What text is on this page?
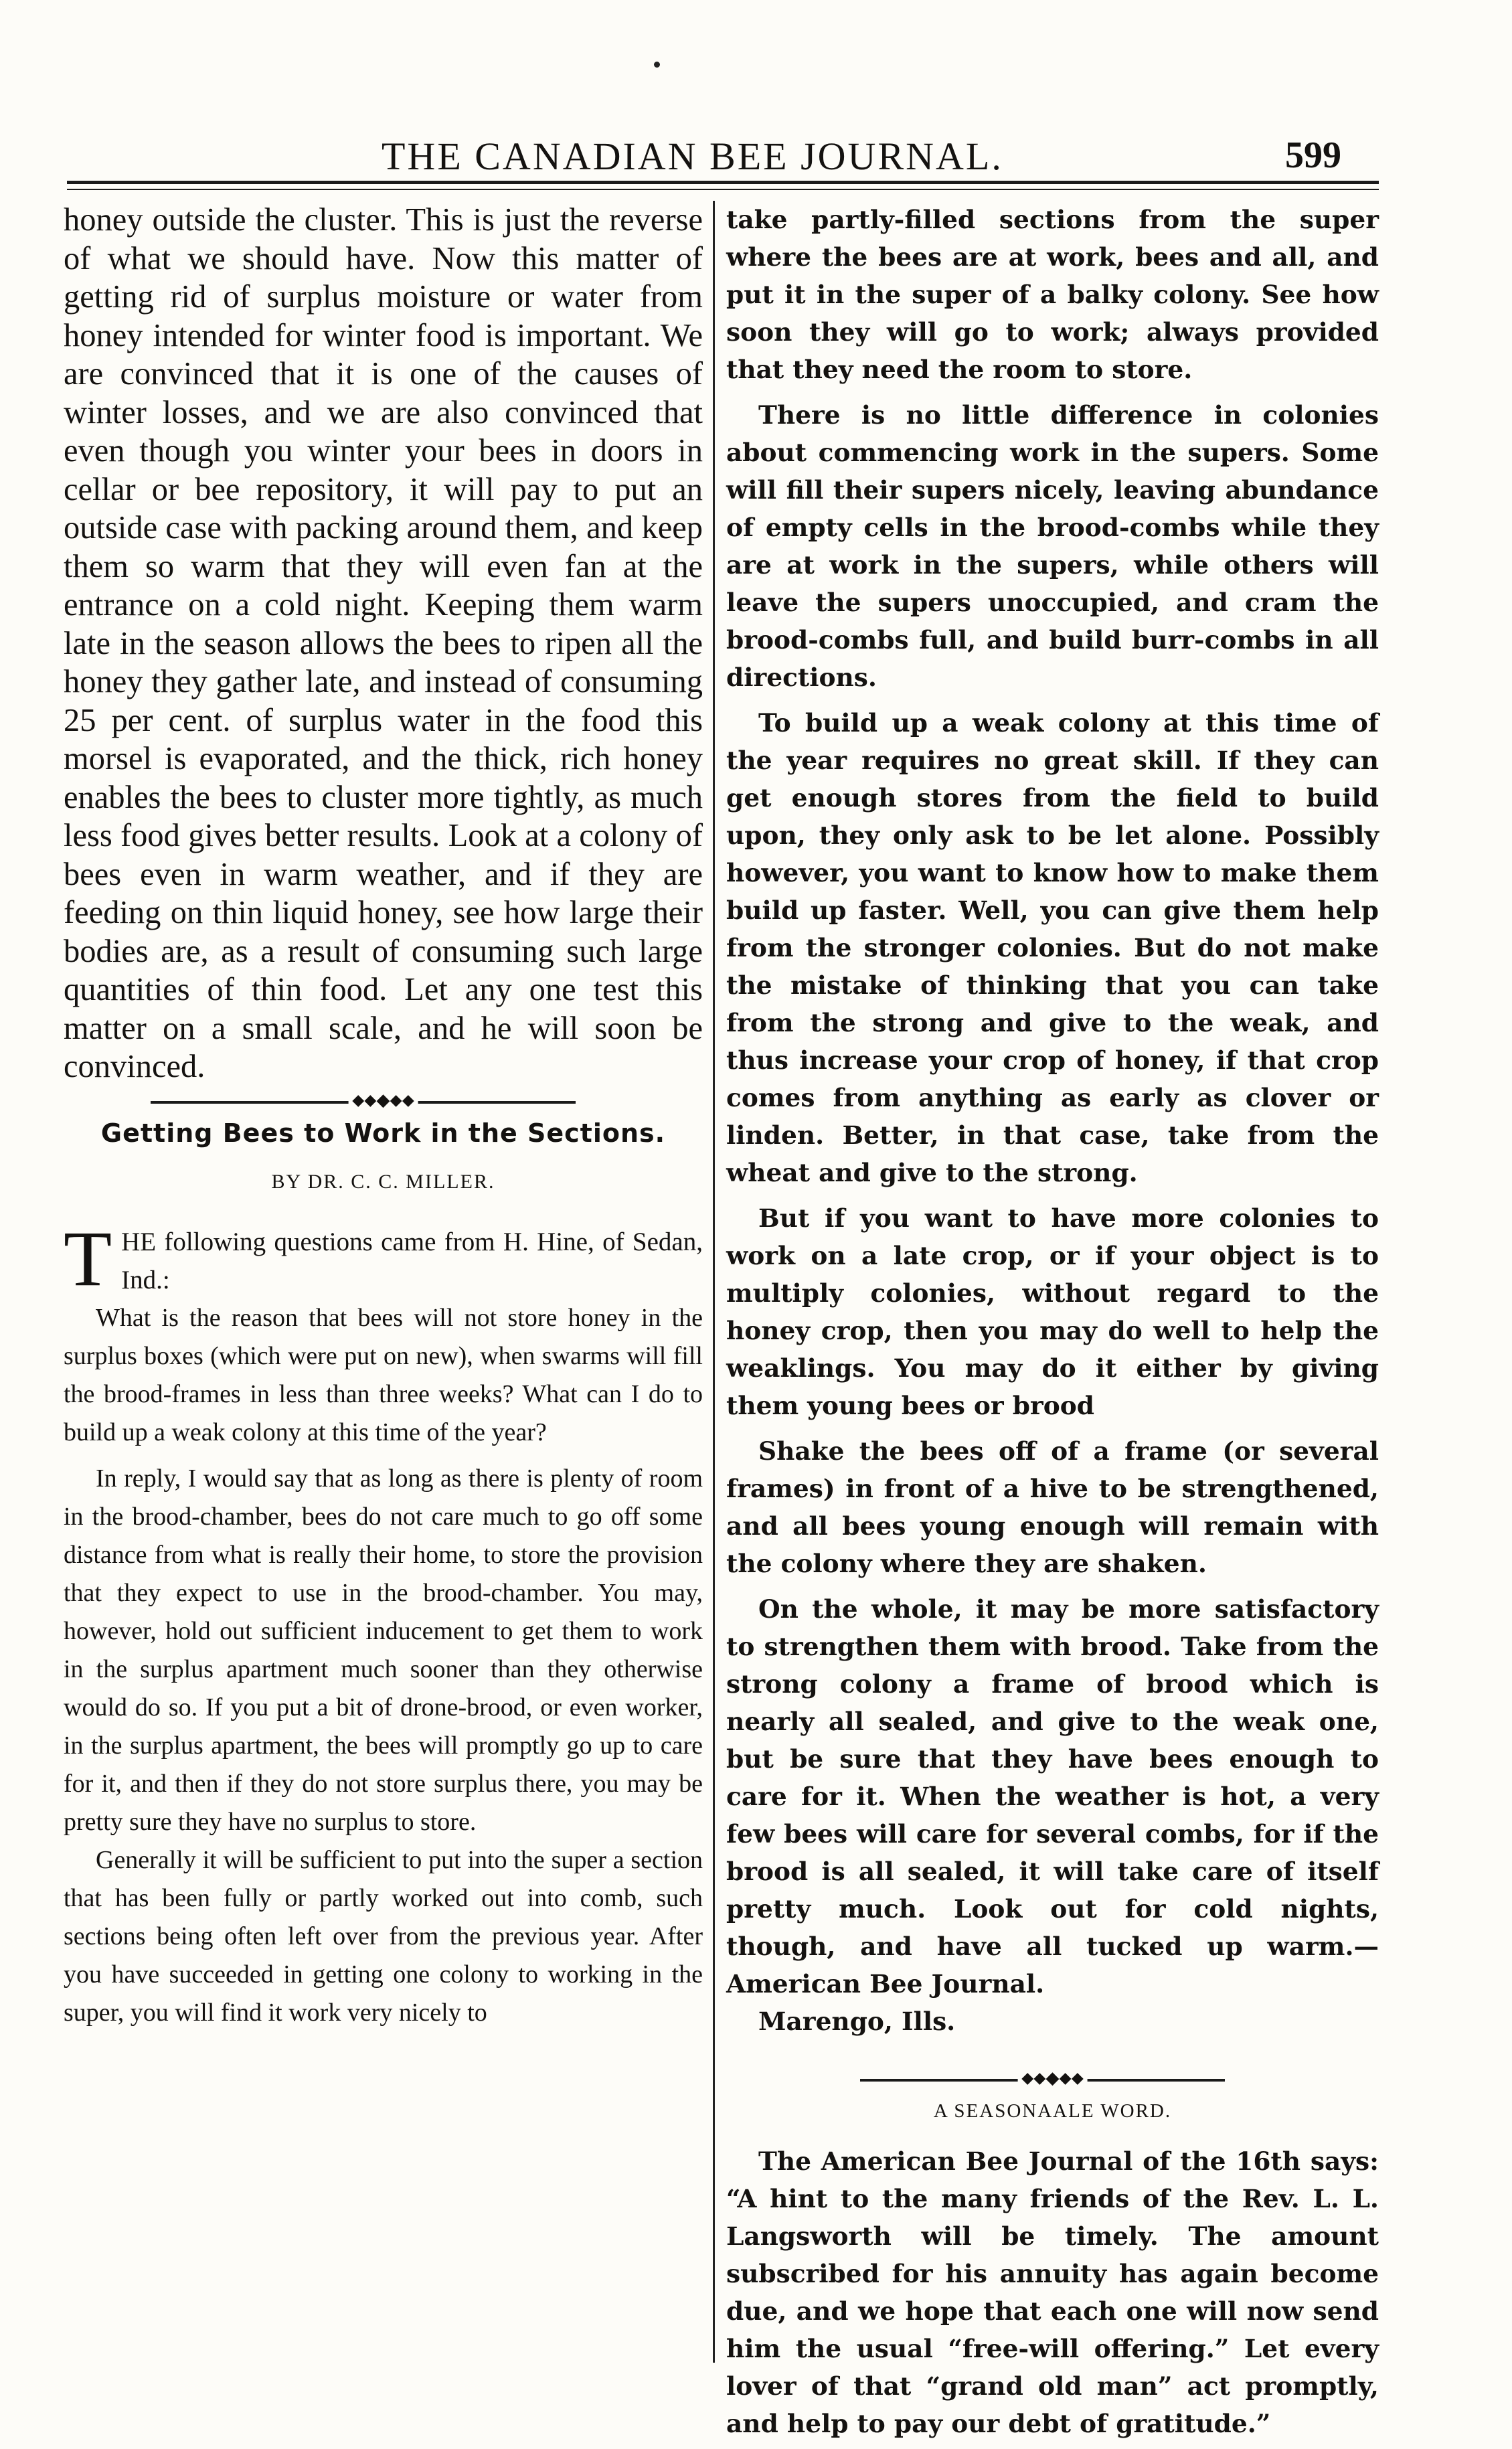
THE CANADIAN BEE JOURNAL.	599

honey outside the cluster. This is just the reverse of what we should have. Now this matter of getting rid of surplus moisture or water from honey intended for winter food is important. We are convinced that it is one of the causes of winter losses, and we are also convinced that even though you winter your bees in doors in cellar or bee repository, it will pay to put an outside case with packing around them, and keep them so warm that they will even fan at the entrance on a cold night. Keeping them warm late in the season allows the bees to ripen all the honey they gather late, and instead of consuming 25 per cent. of surplus water in the food this morsel is evaporated, and the thick, rich honey enables the bees to cluster more tightly, as much less food gives better results. Look at a colony of bees even in warm weather, and if they are feeding on thin liquid honey, see how large their bodies are, as a result of consuming such large quantities of thin food. Let any one test this matter on a small scale, and he will soon be convinced.

⬥⬥◆⬥⬥
Getting Bees to Work in the Sections.
BY DR. C. C. MILLER.
T HE following questions came from H. Hine, of Sedan, Ind.:

What is the reason that bees will not store honey in the surplus boxes (which were put on new), when swarms will fill the brood-frames in less than three weeks? What can I do to build up a weak colony at this time of the year?

In reply, I would say that as long as there is plenty of room in the brood-chamber, bees do not care much to go off some distance from what is really their home, to store the provision that they expect to use in the brood-chamber. You may, however, hold out sufficient inducement to get them to work in the surplus apartment much sooner than they otherwise would do so. If you put a bit of drone-brood, or even worker, in the surplus apartment, the bees will promptly go up to care for it, and then if they do not store surplus there, you may be pretty sure they have no surplus to store.

Generally it will be sufficient to put into the super a section that has been fully or partly worked out into comb, such sections being often left over from the previous year. After you have succeeded in getting one colony to working in the super, you will find it work very nicely to

take partly-filled sections from the super where the bees are at work, bees and all, and put it in the super of a balky colony. See how soon they will go to work; always provided that they need the room to store.

There is no little difference in colonies about commencing work in the supers. Some will fill their supers nicely, leaving abundance of empty cells in the brood-combs while they are at work in the supers, while others will leave the supers unoccupied, and cram the brood-combs full, and build burr-combs in all directions.

To build up a weak colony at this time of the year requires no great skill. If they can get enough stores from the field to build upon, they only ask to be let alone. Possibly however, you want to know how to make them build up faster. Well, you can give them help from the stronger colonies. But do not make the mistake of thinking that you can take from the strong and give to the weak, and thus increase your crop of honey, if that crop comes from anything as early as clover or linden. Better, in that case, take from the wheat and give to the strong.

But if you want to have more colonies to work on a late crop, or if your object is to multiply colonies, without regard to the honey crop, then you may do well to help the weaklings. You may do it either by giving them young bees or brood

Shake the bees off of a frame (or several frames) in front of a hive to be strengthened, and all bees young enough will remain with the colony where they are shaken.

On the whole, it may be more satisfactory to strengthen them with brood. Take from the strong colony a frame of brood which is nearly all sealed, and give to the weak one, but be sure that they have bees enough to care for it. When the weather is hot, a very few bees will care for several combs, for if the brood is all sealed, it will take care of itself pretty much. Look out for cold nights, though, and have all tucked up warm.—American Bee Journal.

Marengo, Ills.

⬥⬥◆⬥⬥
A SEASONAALE WORD.

The American Bee Journal of the 16th says: “A hint to the many friends of the Rev. L. L. Langsworth will be timely. The amount subscribed for his annuity has again become due, and we hope that each one will now send him the usual “free-will offering.” Let every lover of that “grand old man” act promptly, and help to pay our debt of gratitude.”
